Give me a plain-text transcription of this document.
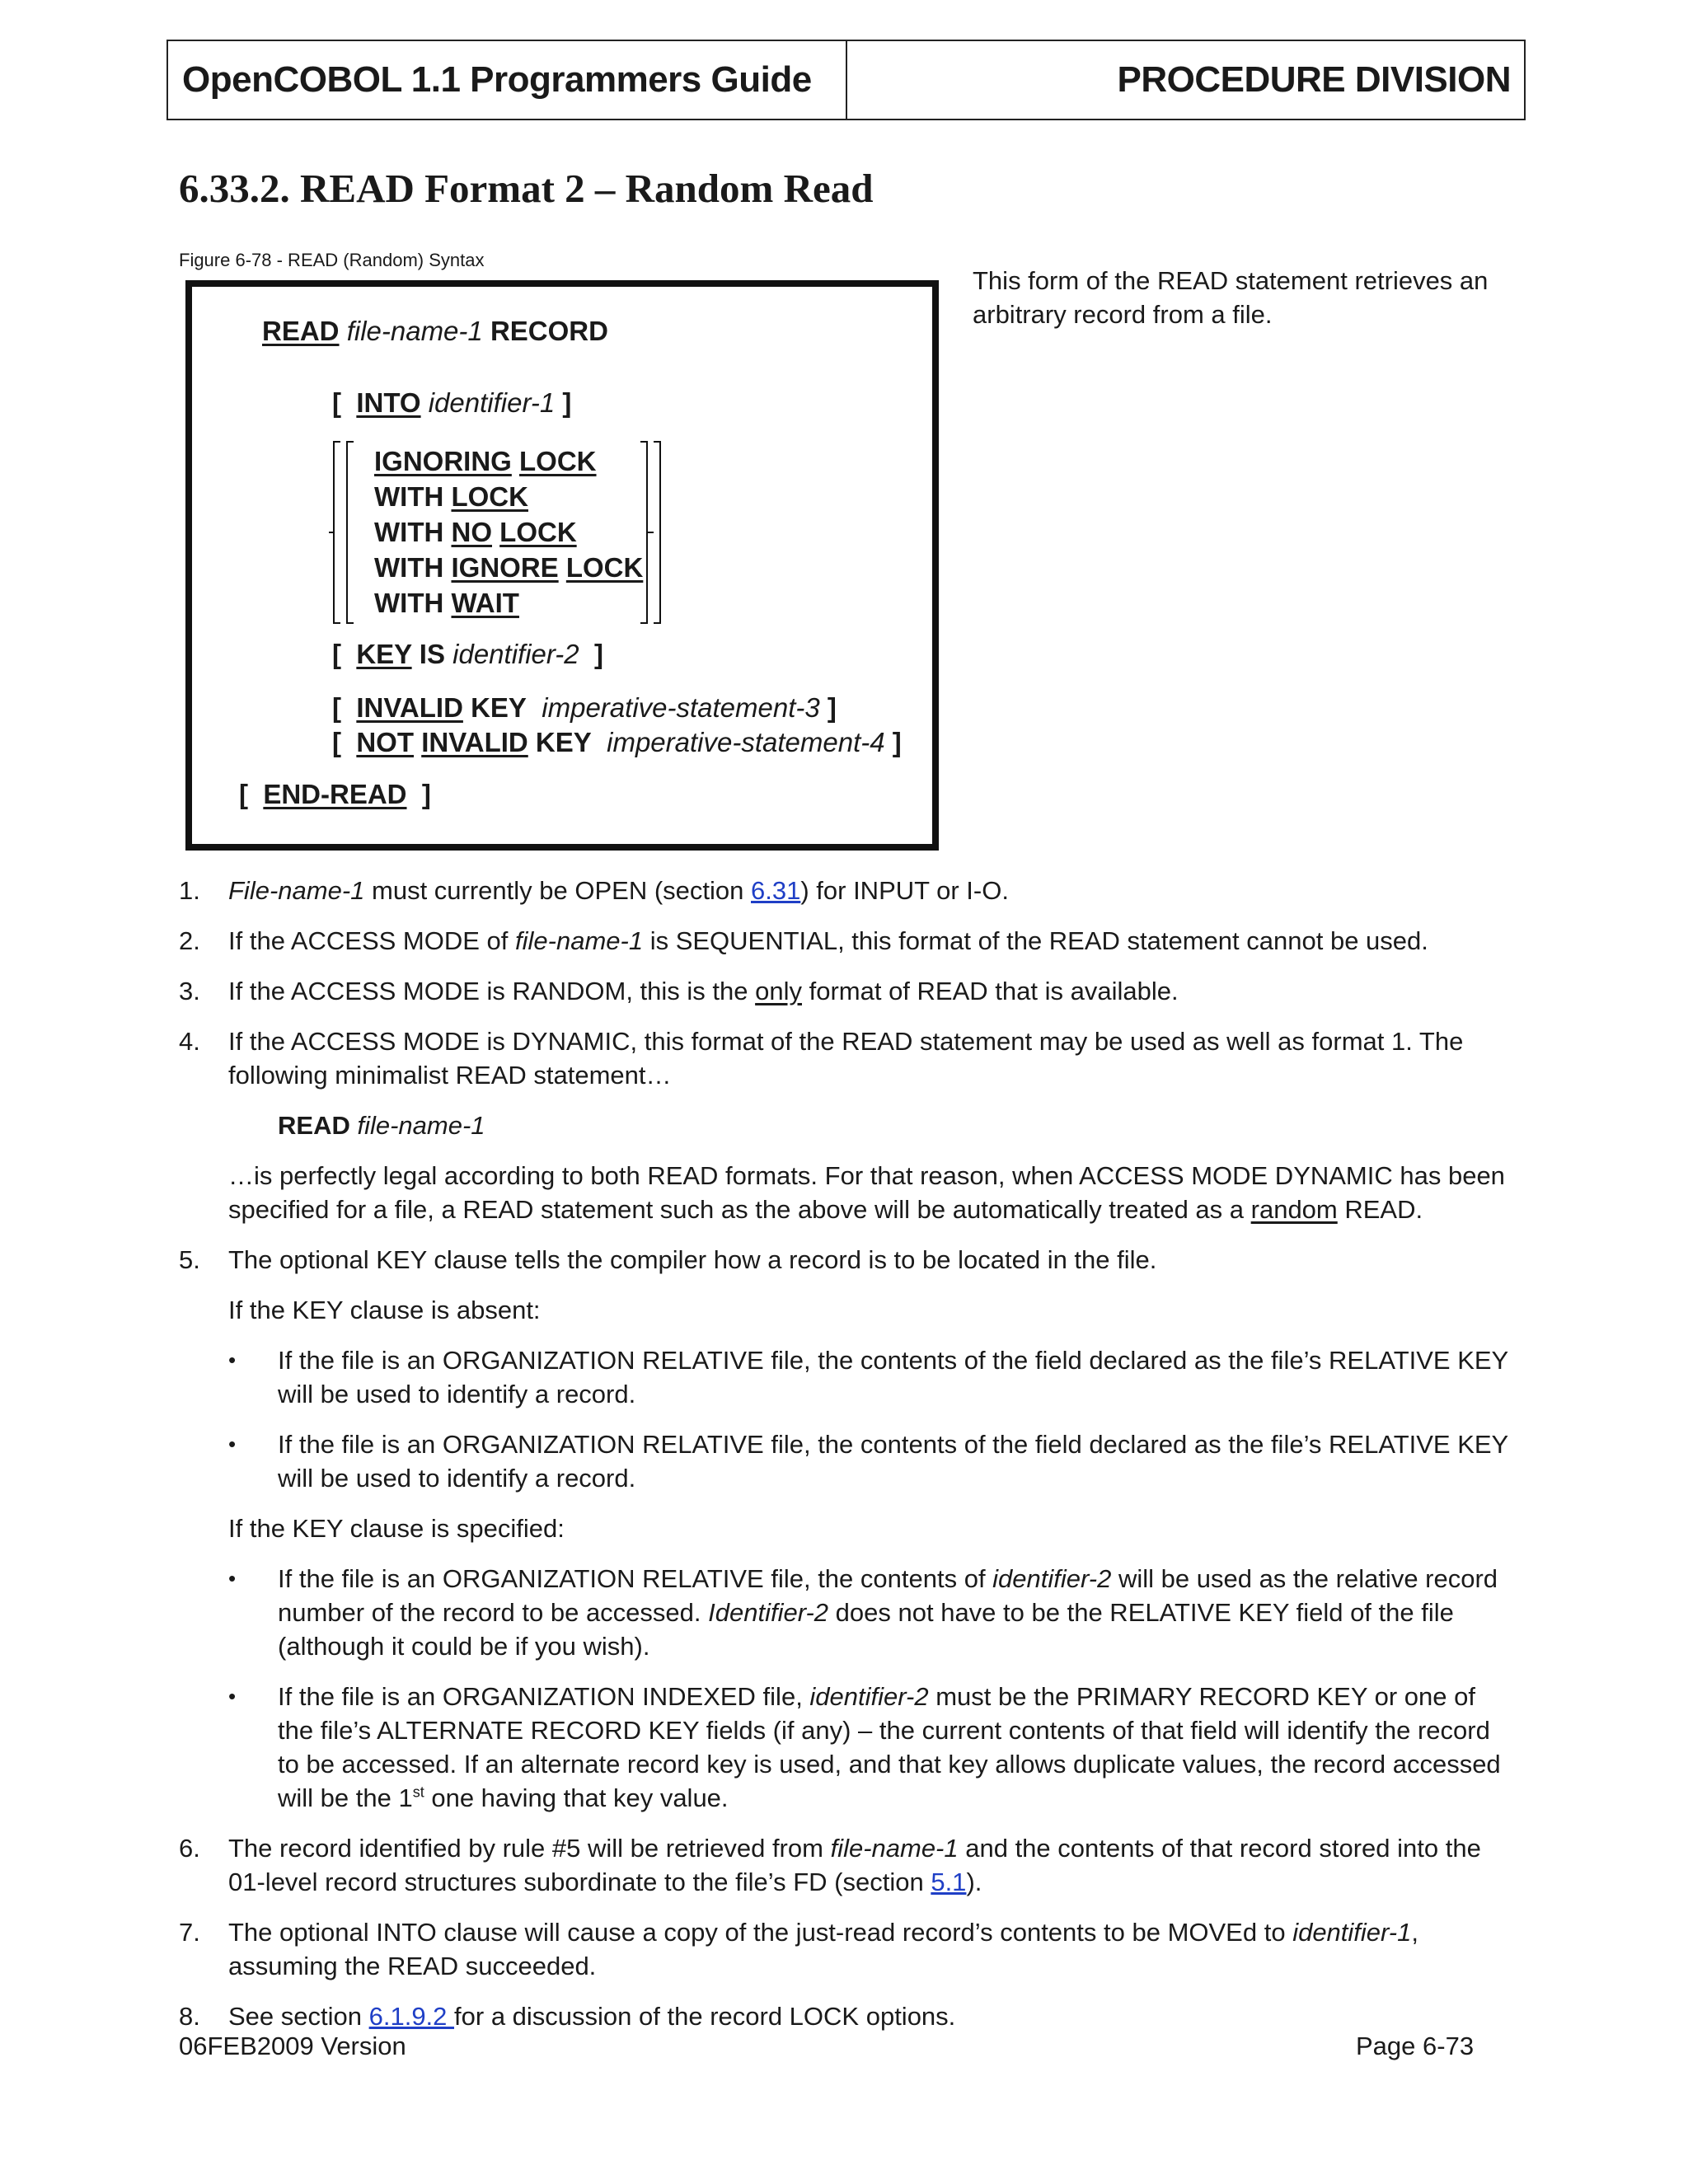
OpenCOBOL 1.1 Programmers Guide	PROCEDURE DIVISION
6.33.2. READ Format 2 – Random Read
Figure 6-78 - READ (Random) Syntax
READ file-name-1 RECORD
[ INTO identifier-1 ]
IGNORING LOCK
WITH LOCK
WITH NO LOCK
WITH IGNORE LOCK
WITH WAIT
[ KEY IS identifier-2 ]
[ INVALID KEY imperative-statement-3 ]
[ NOT INVALID KEY imperative-statement-4 ]
[ END-READ ]
This form of the READ statement retrieves an arbitrary record from a file.
1. File-name-1 must currently be OPEN (section 6.31) for INPUT or I-O.
2. If the ACCESS MODE of file-name-1 is SEQUENTIAL, this format of the READ statement cannot be used.
3. If the ACCESS MODE is RANDOM, this is the only format of READ that is available.
4. If the ACCESS MODE is DYNAMIC, this format of the READ statement may be used as well as format 1. The following minimalist READ statement…
READ file-name-1
…is perfectly legal according to both READ formats. For that reason, when ACCESS MODE DYNAMIC has been specified for a file, a READ statement such as the above will be automatically treated as a random READ.
5. The optional KEY clause tells the compiler how a record is to be located in the file.
If the KEY clause is absent:
• If the file is an ORGANIZATION RELATIVE file, the contents of the field declared as the file’s RELATIVE KEY will be used to identify a record.
• If the file is an ORGANIZATION RELATIVE file, the contents of the field declared as the file’s RELATIVE KEY will be used to identify a record.
If the KEY clause is specified:
• If the file is an ORGANIZATION RELATIVE file, the contents of identifier-2 will be used as the relative record number of the record to be accessed. Identifier-2 does not have to be the RELATIVE KEY field of the file (although it could be if you wish).
• If the file is an ORGANIZATION INDEXED file, identifier-2 must be the PRIMARY RECORD KEY or one of the file’s ALTERNATE RECORD KEY fields (if any) – the current contents of that field will identify the record to be accessed. If an alternate record key is used, and that key allows duplicate values, the record accessed will be the 1st one having that key value.
6. The record identified by rule #5 will be retrieved from file-name-1 and the contents of that record stored into the 01-level record structures subordinate to the file’s FD (section 5.1).
7. The optional INTO clause will cause a copy of the just-read record’s contents to be MOVEd to identifier-1, assuming the READ succeeded.
8. See section 6.1.9.2 for a discussion of the record LOCK options.
06FEB2009 Version	Page 6-73
